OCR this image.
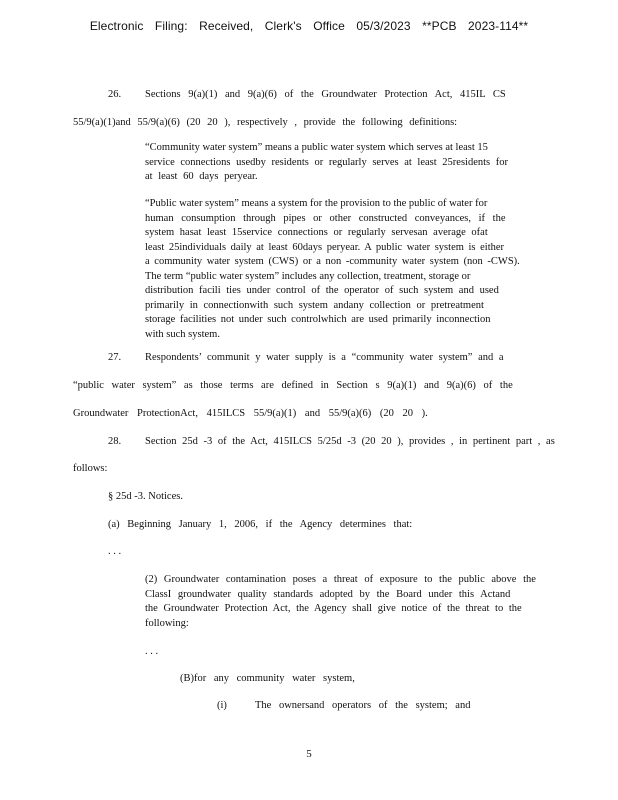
Electronic Filing: Received, Clerk's Office 05/3/2023 **PCB 2023-114**
26. Sections 9(a)(1) and 9(a)(6) of the Groundwater Protection Act, 415IL CS
55/9(a)(1)and 55/9(a)(6) (20 20 ), respectively , provide the following definitions:

“Community water system” means a public water system which serves at least 15

service connections usedby residents or regularly serves at least 25residents for

at least 60 days peryear.

“Public water system” means a system for the provision to the public of water for

human consumption through pipes or other constructed conveyances, if the

system hasat least 15service connections or regularly servesan average ofat

least 25individuals daily at least 60days peryear. A public water system is either

a community water system (CWS) or a non -community water system (non -CWS).

The term “public water system” includes any collection, treatment, storage or

distribution facili ties under control of the operator of such system and used

primarily in connectionwith such system andany collection or pretreatment

storage facilities not under such controlwhich are used primarily inconnection

with such system.

27. Respondents’ communit y water supply is a “community water system” and a
“public water system” as those terms are defined in Section s 9(a)(1) and 9(a)(6) of the
Groundwater ProtectionAct, 415ILCS 55/9(a)(1) and 55/9(a)(6) (20 20 ).
28. Section 25d -3 of the Act, 415ILCS 5/25d -3 (20 20 ), provides , in pertinent part , as
follows:
§ 25d -3. Notices.
(a) Beginning January 1, 2006, if the Agency determines that:
. . .

(2) Groundwater contamination poses a threat of exposure to the public above the

ClassI groundwater quality standards adopted by the Board under this Actand

the Groundwater Protection Act, the Agency shall give notice of the threat to the

following:

. . .
(B)for any community water system,
(i)	The ownersand operators of the system; and
5
